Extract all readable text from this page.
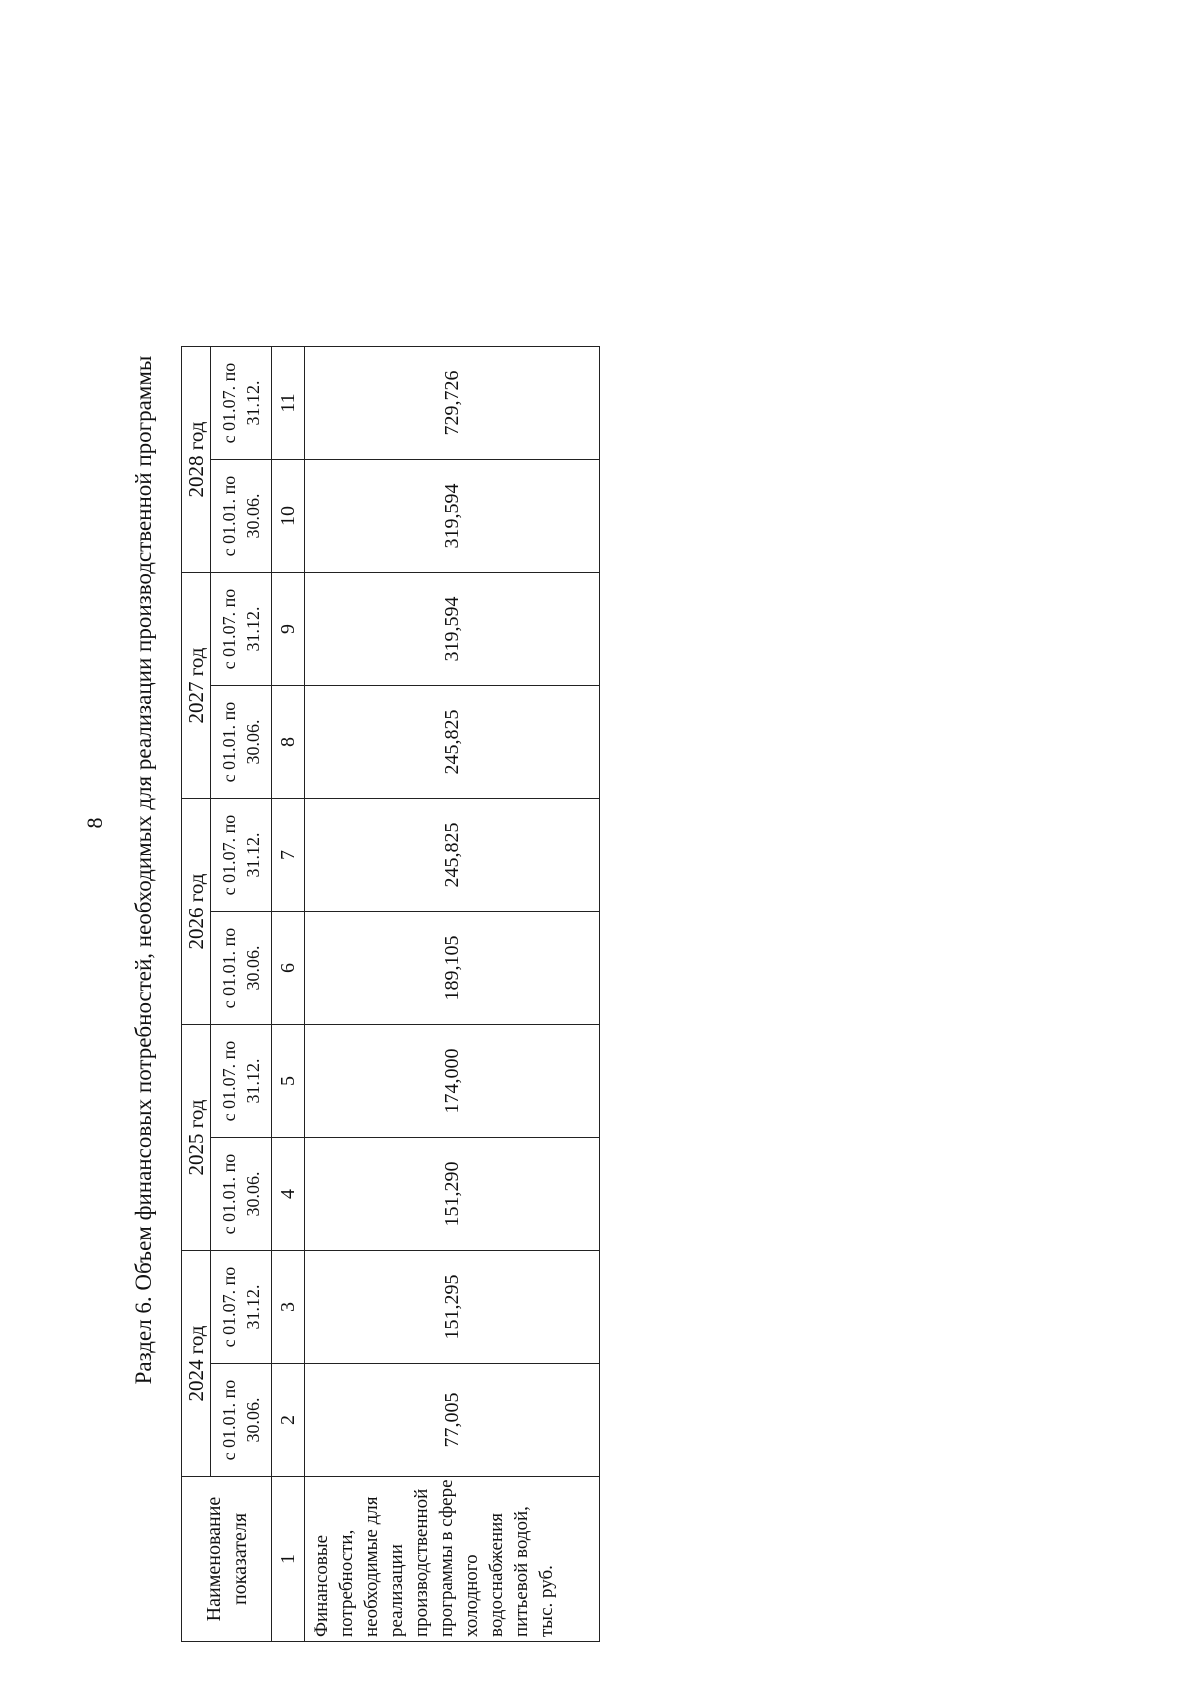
8 Раздел 6. Объем финансовых потребностей, необходимых для реализации производственной программы
Наименование показателя	2024 год		2025 год		2026 год		2027 год		2028 год	
	с 01.01. по 30.06.	с 01.07. по 31.12.	с 01.01. по 30.06.	с 01.07. по 31.12.	с 01.01. по 30.06.	с 01.07. по 31.12.	с 01.01. по 30.06.	с 01.07. по 31.12.	с 01.01. по 30.06.	с 01.07. по 31.12.
1	2	3	4	5	6	7	8	9	10	11
Финансовые потребности, необходимые для реализации производственной программы в сфере холодного водоснабжения питьевой водой, тыс. руб.	77,005	151,295	151,290	174,000	189,105	245,825	245,825	319,594	319,594	729,726
